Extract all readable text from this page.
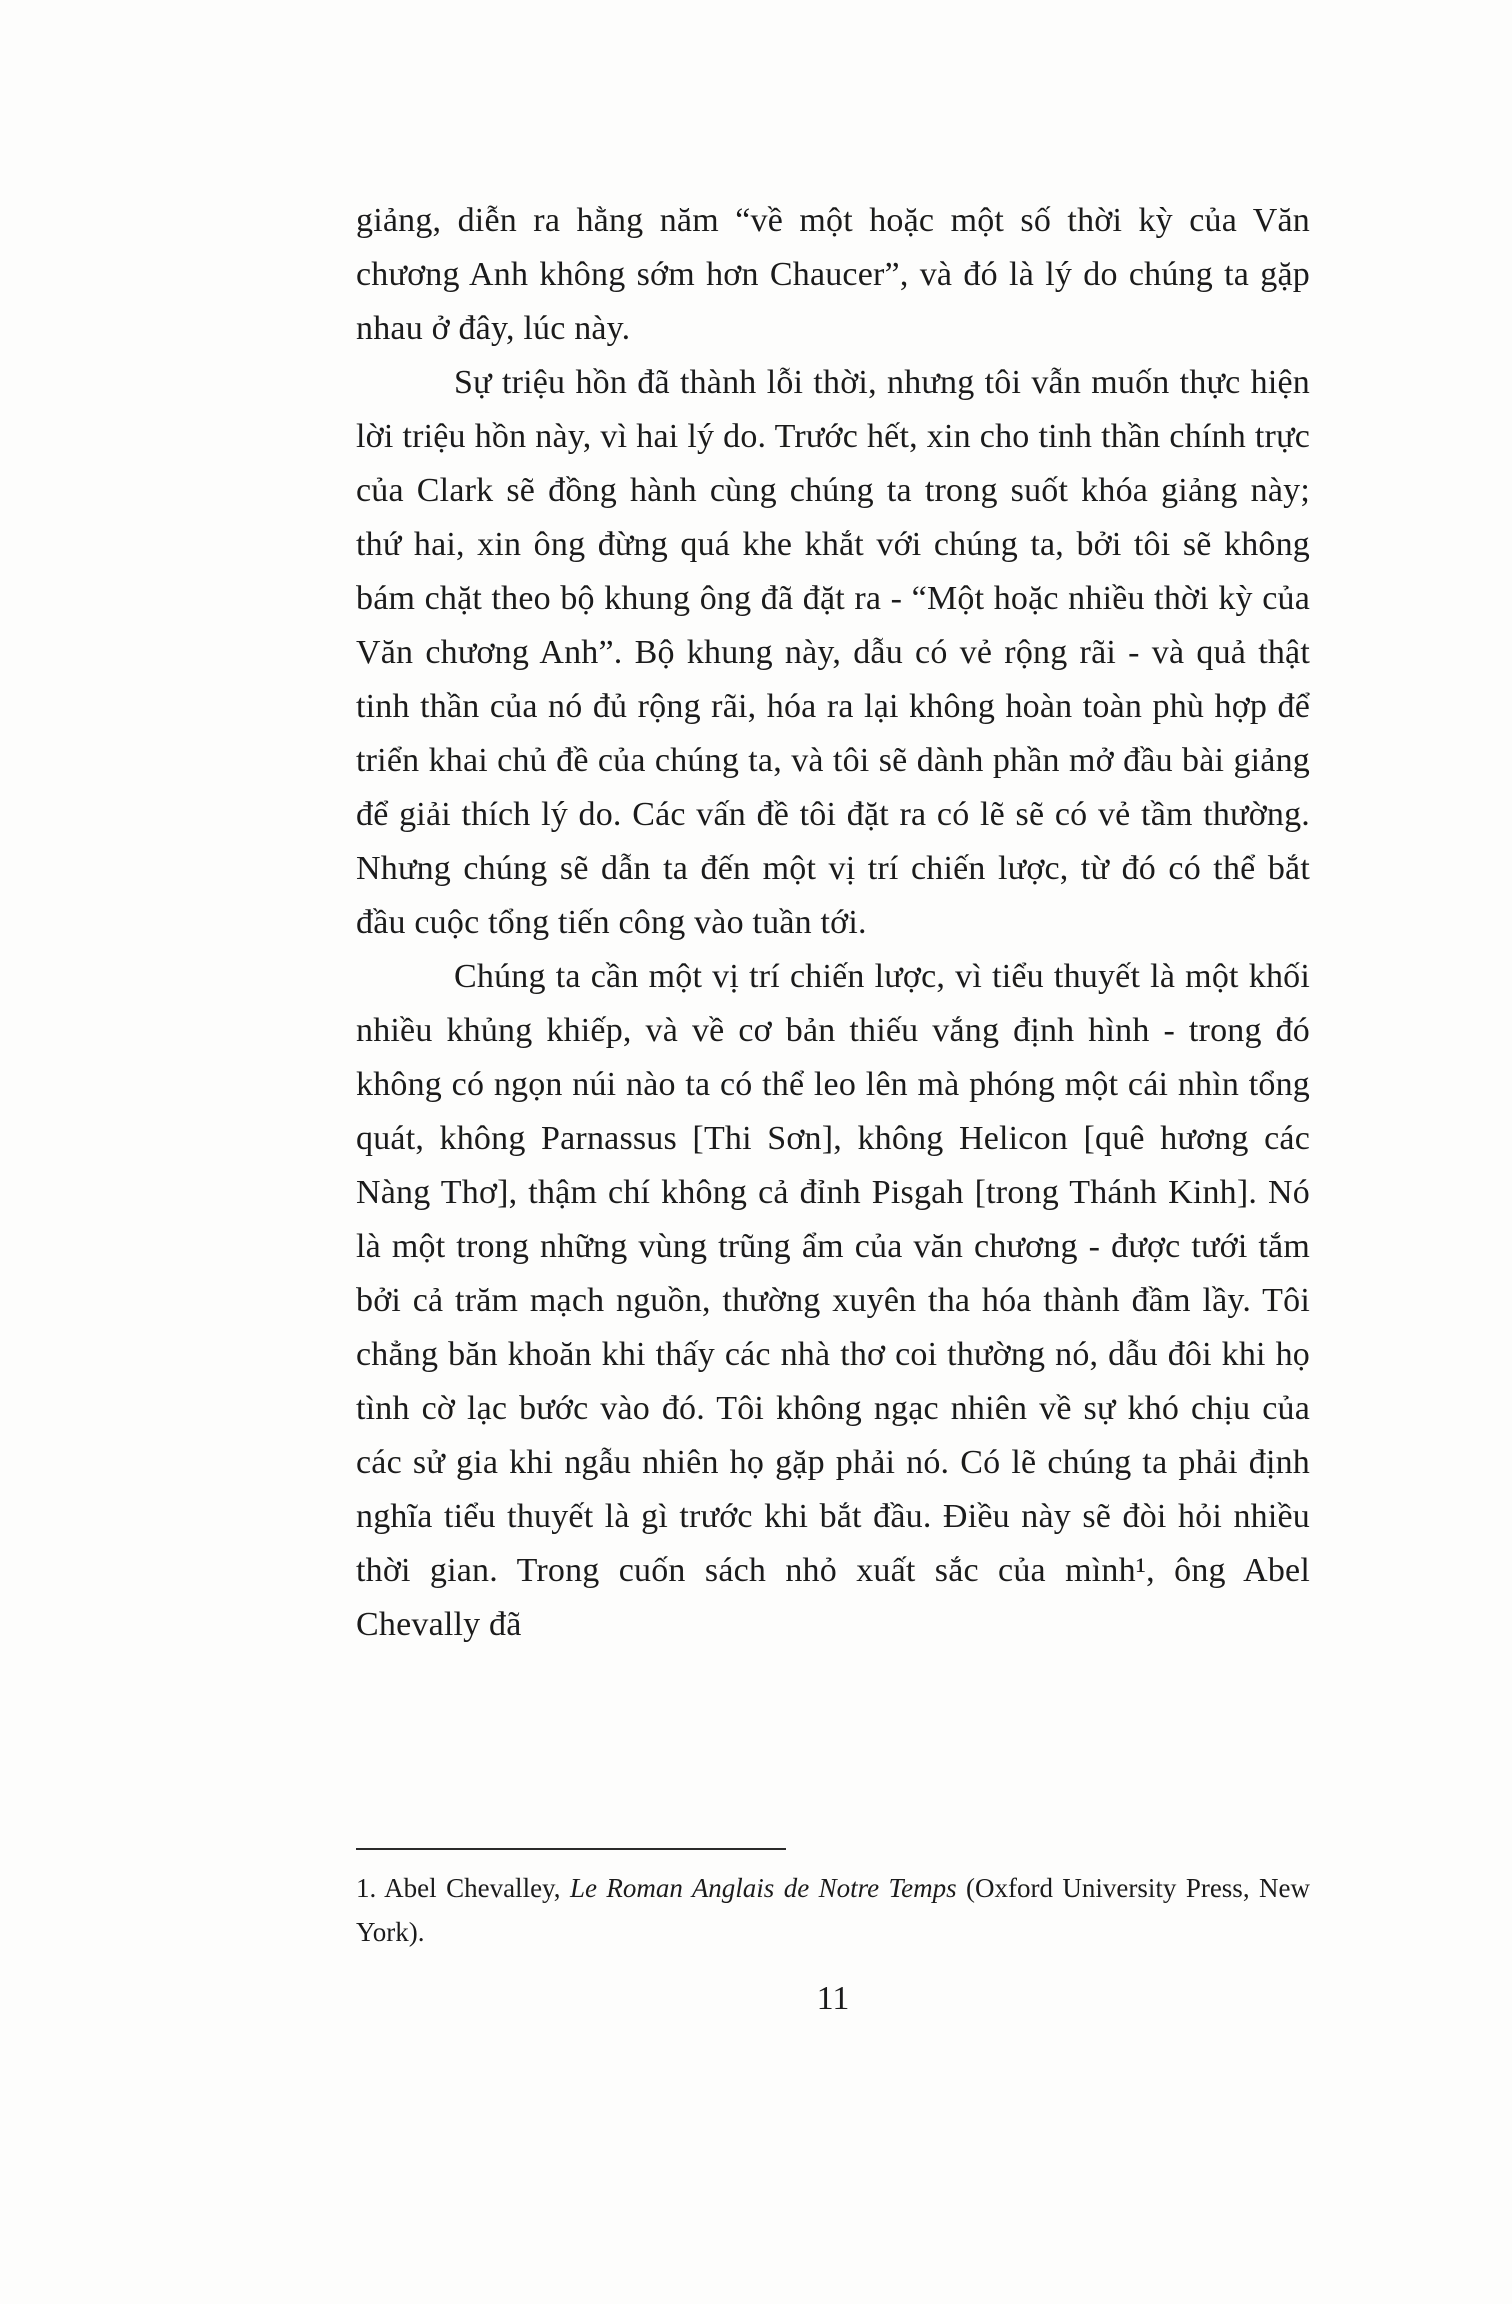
giảng, diễn ra hằng năm “về một hoặc một số thời kỳ của Văn chương Anh không sớm hơn Chaucer”, và đó là lý do chúng ta gặp nhau ở đây, lúc này.

Sự triệu hồn đã thành lỗi thời, nhưng tôi vẫn muốn thực hiện lời triệu hồn này, vì hai lý do. Trước hết, xin cho tinh thần chính trực của Clark sẽ đồng hành cùng chúng ta trong suốt khóa giảng này; thứ hai, xin ông đừng quá khe khắt với chúng ta, bởi tôi sẽ không bám chặt theo bộ khung ông đã đặt ra - “Một hoặc nhiều thời kỳ của Văn chương Anh”. Bộ khung này, dẫu có vẻ rộng rãi - và quả thật tinh thần của nó đủ rộng rãi, hóa ra lại không hoàn toàn phù hợp để triển khai chủ đề của chúng ta, và tôi sẽ dành phần mở đầu bài giảng để giải thích lý do. Các vấn đề tôi đặt ra có lẽ sẽ có vẻ tầm thường. Nhưng chúng sẽ dẫn ta đến một vị trí chiến lược, từ đó có thể bắt đầu cuộc tổng tiến công vào tuần tới.

Chúng ta cần một vị trí chiến lược, vì tiểu thuyết là một khối nhiều khủng khiếp, và về cơ bản thiếu vắng định hình - trong đó không có ngọn núi nào ta có thể leo lên mà phóng một cái nhìn tổng quát, không Parnassus [Thi Sơn], không Helicon [quê hương các Nàng Thơ], thậm chí không cả đỉnh Pisgah [trong Thánh Kinh]. Nó là một trong những vùng trũng ẩm của văn chương - được tưới tắm bởi cả trăm mạch nguồn, thường xuyên tha hóa thành đầm lầy. Tôi chẳng băn khoăn khi thấy các nhà thơ coi thường nó, dẫu đôi khi họ tình cờ lạc bước vào đó. Tôi không ngạc nhiên về sự khó chịu của các sử gia khi ngẫu nhiên họ gặp phải nó. Có lẽ chúng ta phải định nghĩa tiểu thuyết là gì trước khi bắt đầu. Điều này sẽ đòi hỏi nhiều thời gian. Trong cuốn sách nhỏ xuất sắc của mình¹, ông Abel Chevally đã

1. Abel Chevalley, Le Roman Anglais de Notre Temps (Oxford University Press, New York).
11
